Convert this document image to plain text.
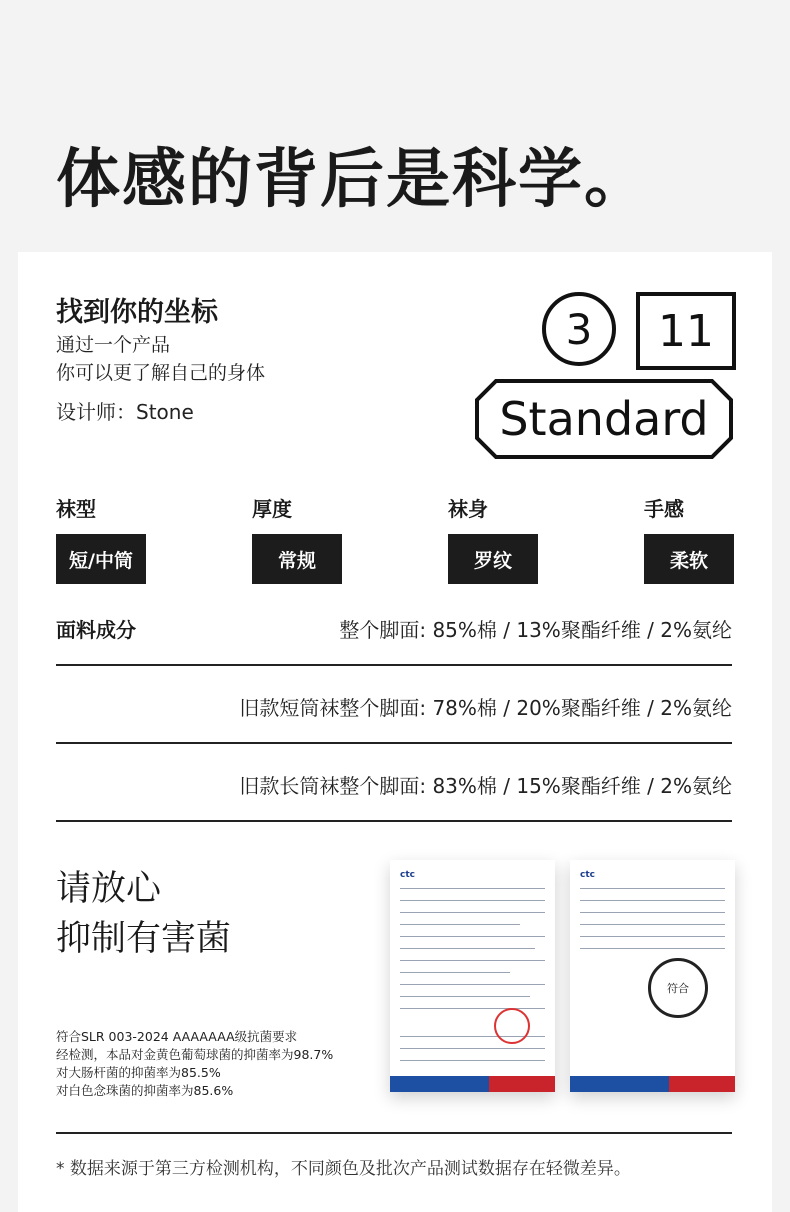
体感的背后是科学。
找到你的坐标
通过一个产品
你可以更了解自己的身体
设计师：Stone
3	11
Standard
袜型	厚度	袜身	手感
短/中筒	常规	罗纹	柔软
面料成分	整个脚面: 85%棉 / 13%聚酯纤维 / 2%氨纶
旧款短筒袜整个脚面: 78%棉 / 20%聚酯纤维 / 2%氨纶
旧款长筒袜整个脚面: 83%棉 / 15%聚酯纤维 / 2%氨纶
请放心
抑制有害菌
符合SLR 003-2024 AAAAAAA级抗菌要求
经检测，本品对金黄色葡萄球菌的抑菌率为98.7%
对大肠杆菌的抑菌率为85.5%
对白色念珠菌的抑菌率为85.6%
ctc	ctc
符合
* 数据来源于第三方检测机构，不同颜色及批次产品测试数据存在轻微差异。
